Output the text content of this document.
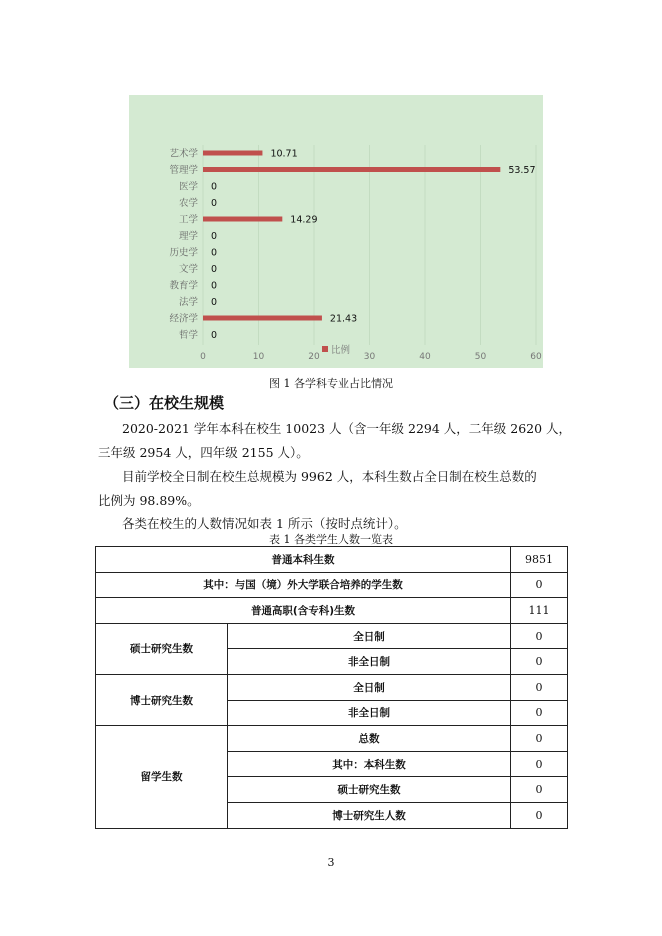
0	10	20	30	40	50	60
艺术学	10.71
管理学	53.57
医学 0
农学 0
工学	14.29
理学 0
历史学 0
文学 0
教育学 0
法学 0
经济学	21.43
哲学 0
比例
图 1 各学科专业占比情况
（三）在校生规模
2020-2021 学年本科在校生 10023 人（含一年级 2294 人，二年级 2620 人，
三年级 2954 人，四年级 2155 人）。
目前学校全日制在校生总规模为 9962 人，本科生数占全日制在校生总数的
比例为 98.89%。
各类在校生的人数情况如表 1 所示（按时点统计）。
表 1 各类学生人数一览表
普通本科生数		9851
其中：与国（境）外大学联合培养的学生数		0
普通高职(含专科)生数		111
硕士研究生数	全日制	0
	非全日制	0
博士研究生数	全日制	0
	非全日制	0
留学生数	总数	0
	其中：本科生数	0
	硕士研究生数	0
	博士研究生人数	0
3
